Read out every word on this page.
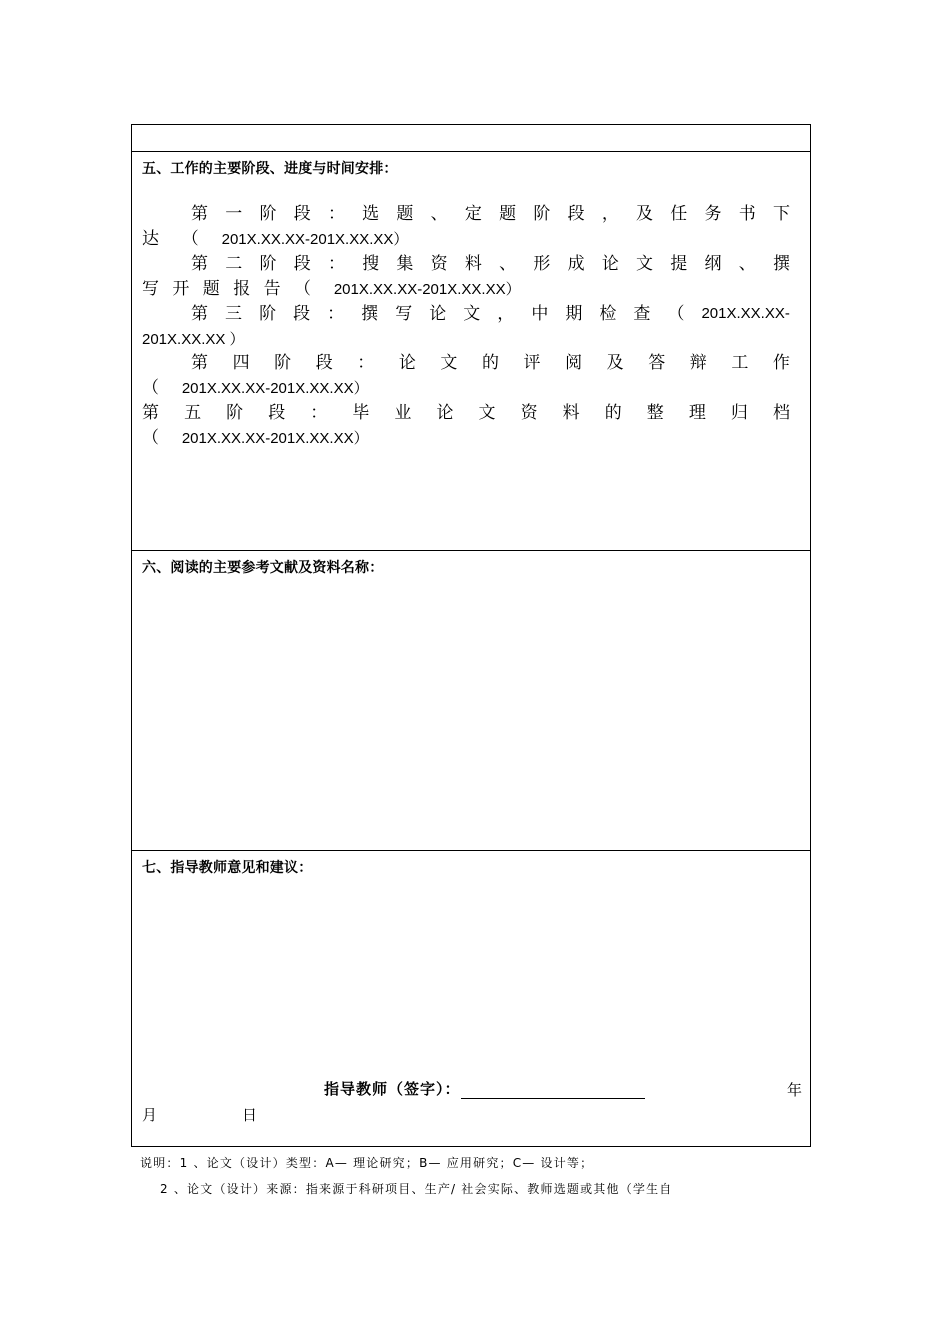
五、工作的主要阶段、进度与时间安排：
第 一 阶 段 ： 选 题 、 定 题 阶 段 ， 及 任 务 书 下
达  （  201X.XX.XX-201X.XX.XX）
第 二 阶 段 ： 搜 集 资 料 、 形 成 论 文 提 纲 、 撰
写 开 题 报 告 （  201X.XX.XX-201X.XX.XX）
第 三 阶 段 ： 撰 写 论 文 ， 中 期 检 查 （ 201X.XX.XX-
201X.XX.XX ）
第 四 阶 段 ： 论 文 的 评 阅 及 答 辩 工 作
（  201X.XX.XX-201X.XX.XX）
第 五 阶 段 ： 毕 业 论 文 资 料 的 整 理 归 档
（  201X.XX.XX-201X.XX.XX）
六、阅读的主要参考文献及资料名称：
七、指导教师意见和建议：
指导教师（签字）：	年
月	日
说明：1 、论文（设计）类型：A— 理论研究；B— 应用研究；C— 设计等；
2 、论文（设计）来源：指来源于科研项目、生产/ 社会实际、教师选题或其他（学生自
